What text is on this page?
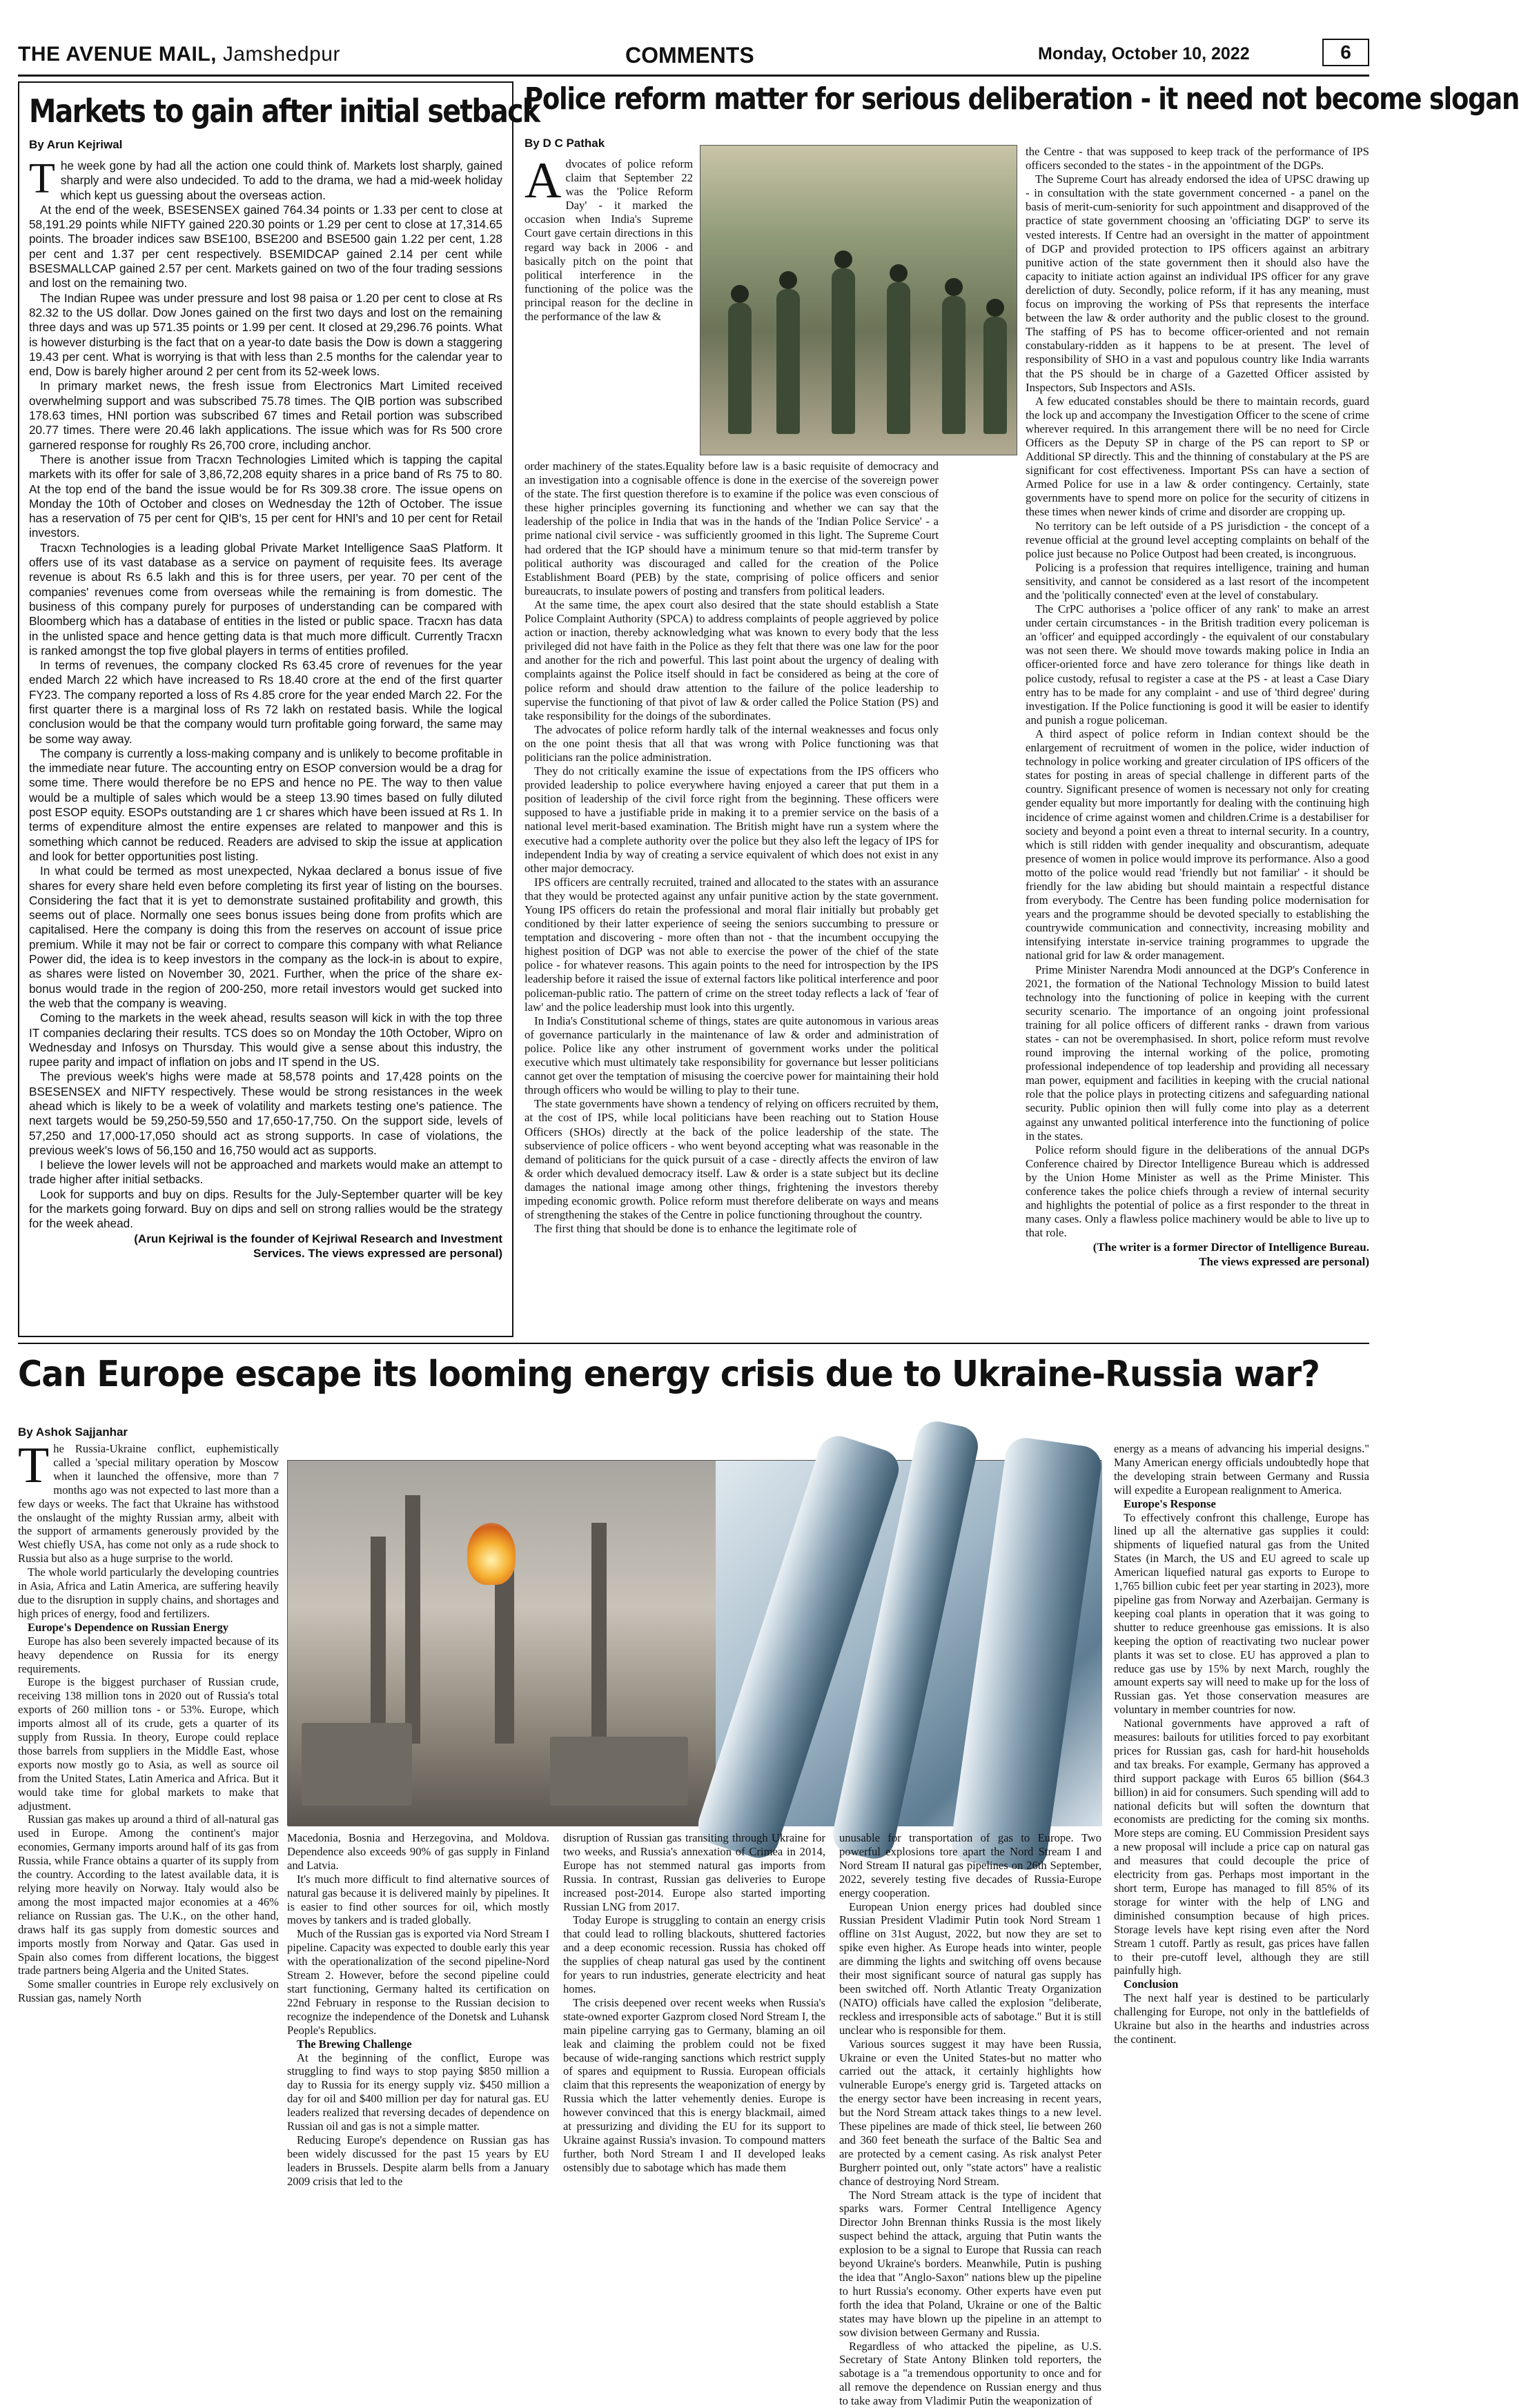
THE AVENUE MAIL, Jamshedpur	COMMENTS	Monday, October 10, 2022	6
Markets to gain after initial setback
By Arun Kejriwal

The week gone by had all the action one could think of. Markets lost sharply, gained sharply and were also undecided. To add to the drama, we had a mid-week holiday which kept us guessing about the overseas action.

At the end of the week, BSESENSEX gained 764.34 points or 1.33 per cent to close at 58,191.29 points while NIFTY gained 220.30 points or 1.29 per cent to close at 17,314.65 points. The broader indices saw BSE100, BSE200 and BSE500 gain 1.22 per cent, 1.28 per cent and 1.37 per cent respectively. BSEMIDCAP gained 2.14 per cent while BSESMALLCAP gained 2.57 per cent. Markets gained on two of the four trading sessions and lost on the remaining two.

The Indian Rupee was under pressure and lost 98 paisa or 1.20 per cent to close at Rs 82.32 to the US dollar. Dow Jones gained on the first two days and lost on the remaining three days and was up 571.35 points or 1.99 per cent. It closed at 29,296.76 points. What is however disturbing is the fact that on a year-to date basis the Dow is down a staggering 19.43 per cent. What is worrying is that with less than 2.5 months for the calendar year to end, Dow is barely higher around 2 per cent from its 52-week lows.

In primary market news, the fresh issue from Electronics Mart Limited received overwhelming support and was subscribed 75.78 times. The QIB portion was subscribed 178.63 times, HNI portion was subscribed 67 times and Retail portion was subscribed 20.77 times. There were 20.46 lakh applications. The issue which was for Rs 500 crore garnered response for roughly Rs 26,700 crore, including anchor.

There is another issue from Tracxn Technologies Limited which is tapping the capital markets with its offer for sale of 3,86,72,208 equity shares in a price band of Rs 75 to 80. At the top end of the band the issue would be for Rs 309.38 crore. The issue opens on Monday the 10th of October and closes on Wednesday the 12th of October. The issue has a reservation of 75 per cent for QIB's, 15 per cent for HNI's and 10 per cent for Retail investors.

Tracxn Technologies is a leading global Private Market Intelligence SaaS Platform. It offers use of its vast database as a service on payment of requisite fees. Its average revenue is about Rs 6.5 lakh and this is for three users, per year. 70 per cent of the companies' revenues come from overseas while the remaining is from domestic. The business of this company purely for purposes of understanding can be compared with Bloomberg which has a database of entities in the listed or public space. Tracxn has data in the unlisted space and hence getting data is that much more difficult. Currently Tracxn is ranked amongst the top five global players in terms of entities profiled.

In terms of revenues, the company clocked Rs 63.45 crore of revenues for the year ended March 22 which have increased to Rs 18.40 crore at the end of the first quarter FY23. The company reported a loss of Rs 4.85 crore for the year ended March 22. For the first quarter there is a marginal loss of Rs 72 lakh on restated basis. While the logical conclusion would be that the company would turn profitable going forward, the same may be some way away.

The company is currently a loss-making company and is unlikely to become profitable in the immediate near future. The accounting entry on ESOP conversion would be a drag for some time. There would therefore be no EPS and hence no PE. The way to then value would be a multiple of sales which would be a steep 13.90 times based on fully diluted post ESOP equity. ESOPs outstanding are 1 cr shares which have been issued at Rs 1. In terms of expenditure almost the entire expenses are related to manpower and this is something which cannot be reduced. Readers are advised to skip the issue at application and look for better opportunities post listing.

In what could be termed as most unexpected, Nykaa declared a bonus issue of five shares for every share held even before completing its first year of listing on the bourses. Considering the fact that it is yet to demonstrate sustained profitability and growth, this seems out of place. Normally one sees bonus issues being done from profits which are capitalised. Here the company is doing this from the reserves on account of issue price premium. While it may not be fair or correct to compare this company with what Reliance Power did, the idea is to keep investors in the company as the lock-in is about to expire, as shares were listed on November 30, 2021. Further, when the price of the share ex-bonus would trade in the region of 200-250, more retail investors would get sucked into the web that the company is weaving.

Coming to the markets in the week ahead, results season will kick in with the top three IT companies declaring their results. TCS does so on Monday the 10th October, Wipro on Wednesday and Infosys on Thursday. This would give a sense about this industry, the rupee parity and impact of inflation on jobs and IT spend in the US.

The previous week's highs were made at 58,578 points and 17,428 points on the BSESENSEX and NIFTY respectively. These would be strong resistances in the week ahead which is likely to be a week of volatility and markets testing one's patience. The next targets would be 59,250-59,550 and 17,650-17,750. On the support side, levels of 57,250 and 17,000-17,050 should act as strong supports. In case of violations, the previous week's lows of 56,150 and 16,750 would act as supports.

I believe the lower levels will not be approached and markets would make an attempt to trade higher after initial setbacks.

Look for supports and buy on dips. Results for the July-September quarter will be key for the markets going forward. Buy on dips and sell on strong rallies would be the strategy for the week ahead.

(Arun Kejriwal is the founder of Kejriwal Research and Investment
Services. The views expressed are personal)
Police reform matter for serious deliberation - it need not become slogan
By D C Pathak

Advocates of police reform claim that September 22 was the 'Police Reform Day' - it marked the occasion when India's Supreme Court gave certain directions in this regard way back in 2006 - and basically pitch on the point that political interference in the functioning of the police was the principal reason for the decline in the performance of the law &

order machinery of the states.Equality before law is a basic requisite of democracy and an investigation into a cognisable offence is done in the exercise of the sovereign power of the state. The first question therefore is to examine if the police was even conscious of these higher principles governing its functioning and whether we can say that the leadership of the police in India that was in the hands of the 'Indian Police Service' - a prime national civil service - was sufficiently groomed in this light. The Supreme Court had ordered that the IGP should have a minimum tenure so that mid-term transfer by political authority was discouraged and called for the creation of the Police Establishment Board (PEB) by the state, comprising of police officers and senior bureaucrats, to insulate powers of posting and transfers from political leaders.

At the same time, the apex court also desired that the state should establish a State Police Complaint Authority (SPCA) to address complaints of people aggrieved by police action or inaction, thereby acknowledging what was known to every body that the less privileged did not have faith in the Police as they felt that there was one law for the poor and another for the rich and powerful. This last point about the urgency of dealing with complaints against the Police itself should in fact be considered as being at the core of police reform and should draw attention to the failure of the police leadership to supervise the functioning of that pivot of law & order called the Police Station (PS) and take responsibility for the doings of the subordinates.

The advocates of police reform hardly talk of the internal weaknesses and focus only on the one point thesis that all that was wrong with Police functioning was that politicians ran the police administration.

They do not critically examine the issue of expectations from the IPS officers who provided leadership to police everywhere having enjoyed a career that put them in a position of leadership of the civil force right from the beginning. These officers were supposed to have a justifiable pride in making it to a premier service on the basis of a national level merit-based examination. The British might have run a system where the executive had a complete authority over the police but they also left the legacy of IPS for independent India by way of creating a service equivalent of which does not exist in any other major democracy.

IPS officers are centrally recruited, trained and allocated to the states with an assurance that they would be protected against any unfair punitive action by the state government. Young IPS officers do retain the professional and moral flair initially but probably get conditioned by their latter experience of seeing the seniors succumbing to pressure or temptation and discovering - more often than not - that the incumbent occupying the highest position of DGP was not able to exercise the power of the chief of the state police - for whatever reasons. This again points to the need for introspection by the IPS leadership before it raised the issue of external factors like political interference and poor policeman-public ratio. The pattern of crime on the street today reflects a lack of 'fear of law' and the police leadership must look into this urgently.

In India's Constitutional scheme of things, states are quite autonomous in various areas of governance particularly in the maintenance of law & order and administration of police. Police like any other instrument of government works under the political executive which must ultimately take responsibility for governance but lesser politicians cannot get over the temptation of misusing the coercive power for maintaining their hold through officers who would be willing to play to their tune.

The state governments have shown a tendency of relying on officers recruited by them, at the cost of IPS, while local politicians have been reaching out to Station House Officers (SHOs) directly at the back of the police leadership of the state. The subservience of police officers - who went beyond accepting what was reasonable in the demand of politicians for the quick pursuit of a case - directly affects the environ of law & order which devalued democracy itself. Law & order is a state subject but its decline damages the national image among other things, frightening the investors thereby impeding economic growth. Police reform must therefore deliberate on ways and means of strengthening the stakes of the Centre in police functioning throughout the country.

The first thing that should be done is to enhance the legitimate role of

the Centre - that was supposed to keep track of the performance of IPS officers seconded to the states - in the appointment of the DGPs.

The Supreme Court has already endorsed the idea of UPSC drawing up - in consultation with the state government concerned - a panel on the basis of merit-cum-seniority for such appointment and disapproved of the practice of state government choosing an 'officiating DGP' to serve its vested interests. If Centre had an oversight in the matter of appointment of DGP and provided protection to IPS officers against an arbitrary punitive action of the state government then it should also have the capacity to initiate action against an individual IPS officer for any grave dereliction of duty. Secondly, police reform, if it has any meaning, must focus on improving the working of PSs that represents the interface between the law & order authority and the public closest to the ground. The staffing of PS has to become officer-oriented and not remain constabulary-ridden as it happens to be at present. The level of responsibility of SHO in a vast and populous country like India warrants that the PS should be in charge of a Gazetted Officer assisted by Inspectors, Sub Inspectors and ASIs.

A few educated constables should be there to maintain records, guard the lock up and accompany the Investigation Officer to the scene of crime wherever required. In this arrangement there will be no need for Circle Officers as the Deputy SP in charge of the PS can report to SP or Additional SP directly. This and the thinning of constabulary at the PS are significant for cost effectiveness. Important PSs can have a section of Armed Police for use in a law & order contingency. Certainly, state governments have to spend more on police for the security of citizens in these times when newer kinds of crime and disorder are cropping up.

No territory can be left outside of a PS jurisdiction - the concept of a revenue official at the ground level accepting complaints on behalf of the police just because no Police Outpost had been created, is incongruous.

Policing is a profession that requires intelligence, training and human sensitivity, and cannot be considered as a last resort of the incompetent and the 'politically connected' even at the level of constabulary.

The CrPC authorises a 'police officer of any rank' to make an arrest under certain circumstances - in the British tradition every policeman is an 'officer' and equipped accordingly - the equivalent of our constabulary was not seen there. We should move towards making police in India an officer-oriented force and have zero tolerance for things like death in police custody, refusal to register a case at the PS - at least a Case Diary entry has to be made for any complaint - and use of 'third degree' during investigation. If the Police functioning is good it will be easier to identify and punish a rogue policeman.

A third aspect of police reform in Indian context should be the enlargement of recruitment of women in the police, wider induction of technology in police working and greater circulation of IPS officers of the states for posting in areas of special challenge in different parts of the country. Significant presence of women is necessary not only for creating gender equality but more importantly for dealing with the continuing high incidence of crime against women and children.Crime is a destabiliser for society and beyond a point even a threat to internal security. In a country, which is still ridden with gender inequality and obscurantism, adequate presence of women in police would improve its performance. Also a good motto of the police would read 'friendly but not familiar' - it should be friendly for the law abiding but should maintain a respectful distance from everybody. The Centre has been funding police modernisation for years and the programme should be devoted specially to establishing the countrywide communication and connectivity, increasing mobility and intensifying interstate in-service training programmes to upgrade the national grid for law & order management.

Prime Minister Narendra Modi announced at the DGP's Conference in 2021, the formation of the National Technology Mission to build latest technology into the functioning of police in keeping with the current security scenario. The importance of an ongoing joint professional training for all police officers of different ranks - drawn from various states - can not be overemphasised. In short, police reform must revolve round improving the internal working of the police, promoting professional independence of top leadership and providing all necessary man power, equipment and facilities in keeping with the crucial national role that the police plays in protecting citizens and safeguarding national security. Public opinion then will fully come into play as a deterrent against any unwanted political interference into the functioning of police in the states.

Police reform should figure in the deliberations of the annual DGPs Conference chaired by Director Intelligence Bureau which is addressed by the Union Home Minister as well as the Prime Minister. This conference takes the police chiefs through a review of internal security and highlights the potential of police as a first responder to the threat in many cases. Only a flawless police machinery would be able to live up to that role.

(The writer is a former Director of Intelligence Bureau.
The views expressed are personal)
Can Europe escape its looming energy crisis due to Ukraine-Russia war?
By Ashok Sajjanhar

The Russia-Ukraine conflict, euphemistically called a 'special military operation by Moscow when it launched the offensive, more than 7 months ago was not expected to last more than a few days or weeks. The fact that Ukraine has withstood the onslaught of the mighty Russian army, albeit with the support of armaments generously provided by the West chiefly USA, has come not only as a rude shock to Russia but also as a huge surprise to the world.

The whole world particularly the developing countries in Asia, Africa and Latin America, are suffering heavily due to the disruption in supply chains, and shortages and high prices of energy, food and fertilizers.

Europe's Dependence on Russian Energy

Europe has also been severely impacted because of its heavy dependence on Russia for its energy requirements.

Europe is the biggest purchaser of Russian crude, receiving 138 million tons in 2020 out of Russia's total exports of 260 million tons - or 53%. Europe, which imports almost all of its crude, gets a quarter of its supply from Russia. In theory, Europe could replace those barrels from suppliers in the Middle East, whose exports now mostly go to Asia, as well as source oil from the United States, Latin America and Africa. But it would take time for global markets to make that adjustment.

Russian gas makes up around a third of all-natural gas used in Europe. Among the continent's major economies, Germany imports around half of its gas from Russia, while France obtains a quarter of its supply from the country. According to the latest available data, it is relying more heavily on Norway. Italy would also be among the most impacted major economies at a 46% reliance on Russian gas. The U.K., on the other hand, draws half its gas supply from domestic sources and imports mostly from Norway and Qatar. Gas used in Spain also comes from different locations, the biggest trade partners being Algeria and the United States.

Some smaller countries in Europe rely exclusively on Russian gas, namely North

Macedonia, Bosnia and Herzegovina, and Moldova. Dependence also exceeds 90% of gas supply in Finland and Latvia.

It's much more difficult to find alternative sources of natural gas because it is delivered mainly by pipelines. It is easier to find other sources for oil, which mostly moves by tankers and is traded globally.

Much of the Russian gas is exported via Nord Stream I pipeline. Capacity was expected to double early this year with the operationalization of the second pipeline-Nord Stream 2. However, before the second pipeline could start functioning, Germany halted its certification on 22nd February in response to the Russian decision to recognize the independence of the Donetsk and Luhansk People's Republics.

The Brewing Challenge

At the beginning of the conflict, Europe was struggling to find ways to stop paying $850 million a day to Russia for its energy supply viz. $450 million a day for oil and $400 million per day for natural gas. EU leaders realized that reversing decades of dependence on Russian oil and gas is not a simple matter.

Reducing Europe's dependence on Russian gas has been widely discussed for the past 15 years by EU leaders in Brussels. Despite alarm bells from a January 2009 crisis that led to the

disruption of Russian gas transiting through Ukraine for two weeks, and Russia's annexation of Crimea in 2014, Europe has not stemmed natural gas imports from Russia. In contrast, Russian gas deliveries to Europe increased post-2014. Europe also started importing Russian LNG from 2017.

Today Europe is struggling to contain an energy crisis that could lead to rolling blackouts, shuttered factories and a deep economic recession. Russia has choked off the supplies of cheap natural gas used by the continent for years to run industries, generate electricity and heat homes.

The crisis deepened over recent weeks when Russia's state-owned exporter Gazprom closed Nord Stream I, the main pipeline carrying gas to Germany, blaming an oil leak and claiming the problem could not be fixed because of wide-ranging sanctions which restrict supply of spares and equipment to Russia. European officials claim that this represents the weaponization of energy by Russia which the latter vehemently denies. Europe is however convinced that this is energy blackmail, aimed at pressurizing and dividing the EU for its support to Ukraine against Russia's invasion. To compound matters further, both Nord Stream I and II developed leaks ostensibly due to sabotage which has made them

unusable for transportation of gas to Europe. Two powerful explosions tore apart the Nord Stream I and Nord Stream II natural gas pipelines on 26th September, 2022, severely testing five decades of Russia-Europe energy cooperation.

European Union energy prices had doubled since Russian President Vladimir Putin took Nord Stream 1 offline on 31st August, 2022, but now they are set to spike even higher. As Europe heads into winter, people are dimming the lights and switching off ovens because their most significant source of natural gas supply has been switched off. North Atlantic Treaty Organization (NATO) officials have called the explosion "deliberate, reckless and irresponsible acts of sabotage." But it is still unclear who is responsible for them.

Various sources suggest it may have been Russia, Ukraine or even the United States-but no matter who carried out the attack, it certainly highlights how vulnerable Europe's energy grid is. Targeted attacks on the energy sector have been increasing in recent years, but the Nord Stream attack takes things to a new level. These pipelines are made of thick steel, lie between 260 and 360 feet beneath the surface of the Baltic Sea and are protected by a cement casing. As risk analyst Peter Burgherr pointed out, only "state actors" have a realistic chance of destroying Nord Stream.

The Nord Stream attack is the type of incident that sparks wars. Former Central Intelligence Agency Director John Brennan thinks Russia is the most likely suspect behind the attack, arguing that Putin wants the explosion to be a signal to Europe that Russia can reach beyond Ukraine's borders. Meanwhile, Putin is pushing the idea that "Anglo-Saxon" nations blew up the pipeline to hurt Russia's economy. Other experts have even put forth the idea that Poland, Ukraine or one of the Baltic states may have blown up the pipeline in an attempt to sow division between Germany and Russia.

Regardless of who attacked the pipeline, as U.S. Secretary of State Antony Blinken told reporters, the sabotage is a "a tremendous opportunity to once and for all remove the dependence on Russian energy and thus to take away from Vladimir Putin the weaponization of

energy as a means of advancing his imperial designs." Many American energy officials undoubtedly hope that the developing strain between Germany and Russia will expedite a European realignment to America.

Europe's Response

To effectively confront this challenge, Europe has lined up all the alternative gas supplies it could: shipments of liquefied natural gas from the United States (in March, the US and EU agreed to scale up American liquefied natural gas exports to Europe to 1,765 billion cubic feet per year starting in 2023), more pipeline gas from Norway and Azerbaijan. Germany is keeping coal plants in operation that it was going to shutter to reduce greenhouse gas emissions. It is also keeping the option of reactivating two nuclear power plants it was set to close. EU has approved a plan to reduce gas use by 15% by next March, roughly the amount experts say will need to make up for the loss of Russian gas. Yet those conservation measures are voluntary in member countries for now.

National governments have approved a raft of measures: bailouts for utilities forced to pay exorbitant prices for Russian gas, cash for hard-hit households and tax breaks. For example, Germany has approved a third support package with Euros 65 billion ($64.3 billion) in aid for consumers. Such spending will add to national deficits but will soften the downturn that economists are predicting for the coming six months. More steps are coming. EU Commission President says a new proposal will include a price cap on natural gas and measures that could decouple the price of electricity from gas. Perhaps most important in the short term, Europe has managed to fill 85% of its storage for winter with the help of LNG and diminished consumption because of high prices. Storage levels have kept rising even after the Nord Stream 1 cutoff. Partly as result, gas prices have fallen to their pre-cutoff level, although they are still painfully high.

Conclusion

The next half year is destined to be particularly challenging for Europe, not only in the battlefields of Ukraine but also in the hearths and industries across the continent.
